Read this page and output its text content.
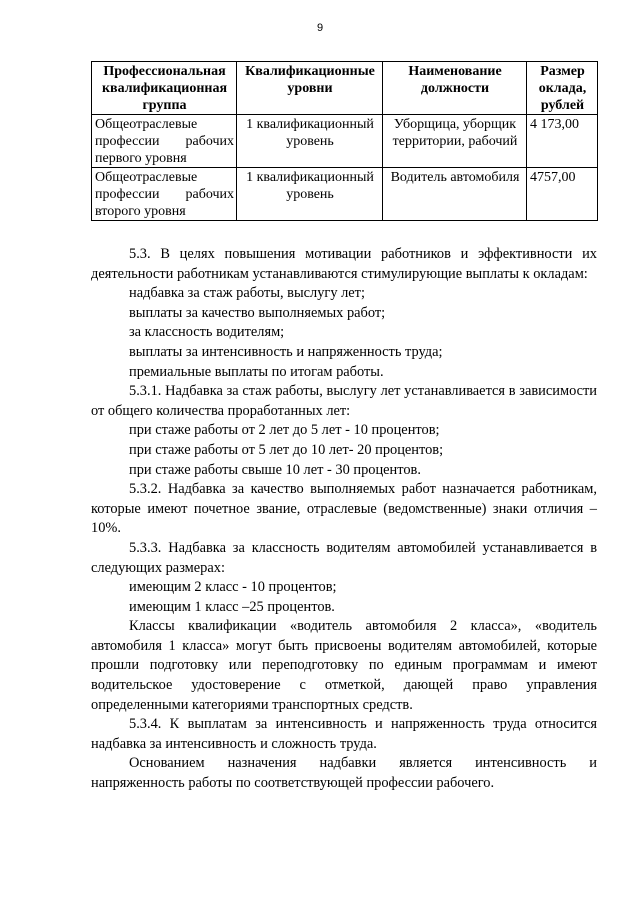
9
Профессиональная квалификационная группа	Квалификационные уровни	Наименование должности	Размер оклада, рублей
Общеотраслевые профессии рабочих первого уровня	1 квалификационный уровень	Уборщица, уборщик территории, рабочий	4 173,00
Общеотраслевые профессии рабочих второго уровня	1 квалификационный уровень	Водитель автомобиля	4757,00

5.3. В целях повышения мотивации работников и эффективности их деятельности работникам устанавливаются стимулирующие выплаты к окладам:

надбавка за стаж работы, выслугу лет;

выплаты за качество выполняемых работ;

за классность водителям;

выплаты за интенсивность и напряженность труда;

премиальные выплаты по итогам работы.

5.3.1. Надбавка за стаж работы, выслугу лет устанавливается в зависимости от общего количества проработанных лет:

при стаже работы от 2 лет до 5 лет - 10 процентов;

при стаже работы от 5 лет до 10 лет- 20 процентов;

при стаже работы свыше 10 лет - 30 процентов.

5.3.2. Надбавка за качество выполняемых работ назначается работникам, которые имеют почетное звание, отраслевые (ведомственные) знаки отличия – 10%.

5.3.3. Надбавка за классность водителям автомобилей устанавливается в следующих размерах:

имеющим 2 класс - 10 процентов;

имеющим 1 класс –25 процентов.

Классы квалификации «водитель автомобиля 2 класса», «водитель автомобиля 1 класса» могут быть присвоены водителям автомобилей, которые прошли подготовку или переподготовку по единым программам и имеют водительское удостоверение с отметкой, дающей право управления определенными категориями транспортных средств.

5.3.4. К выплатам за интенсивность и напряженность труда относится надбавка за интенсивность и сложность труда.

Основанием назначения надбавки является интенсивность и напряженность работы по соответствующей профессии рабочего.
